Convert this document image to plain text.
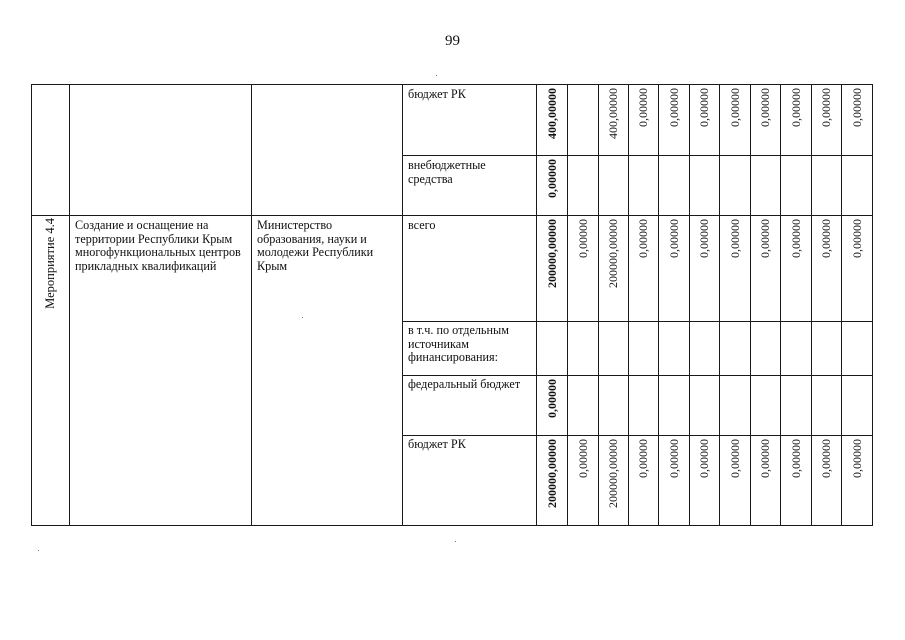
99
Мероприятие 4.4 Создание и оснащение на территории Республики Крым многофункциональных центров прикладных квалификаций
Министерство образования, науки и молодежи Республики Крым
бюджет РК
внебюджетные средства
всего
в т.ч. по отдельным источникам финансирования:
федеральный бюджет
бюджет РК
400,00000	400,00000 0,00000 0,00000 0,00000 0,00000 0,00000 0,00000 0,00000 0,00000
0,00000
200000,00000 0,00000 200000,00000 0,00000 0,00000 0,00000 0,00000 0,00000 0,00000 0,00000 0,00000
0,00000
200000,00000 0,00000 200000,00000 0,00000 0,00000 0,00000 0,00000 0,00000 0,00000 0,00000 0,00000
